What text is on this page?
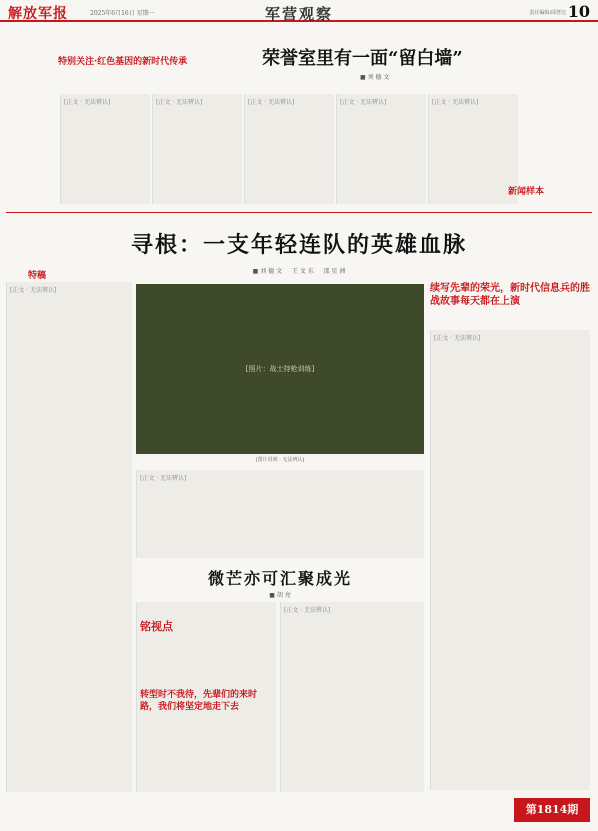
解放军报	2025年6月16日 星期一	军营观察	责任编辑/邱慧达 10
特别关注·红色基因的新时代传承	荣誉室里有一面“留白墙”
■ 刘 德 文
[正文 · 无法辨认]	[正文 · 无法辨认]	[正文 · 无法辨认]	[正文 · 无法辨认]	[正文 · 无法辨认]
寻根：一支年轻连队的英雄血脉
■ 刘 德 文 　 王 文 东 　 邵 星 洲
特稿
新闻样本
[正文 · 无法辨认]
[照片：战士持枪训练]
[图片说明 · 无法辨认]
[正文 · 无法辨认]
微芒亦可汇聚成光
■ 胡 亮
铭视点
转型时不我待，先辈们的来时路，我们将坚定地走下去
[正文 · 无法辨认]
续写先辈的荣光，新时代信息兵的胜战故事每天都在上演
[正文 · 无法辨认]
第1814期
